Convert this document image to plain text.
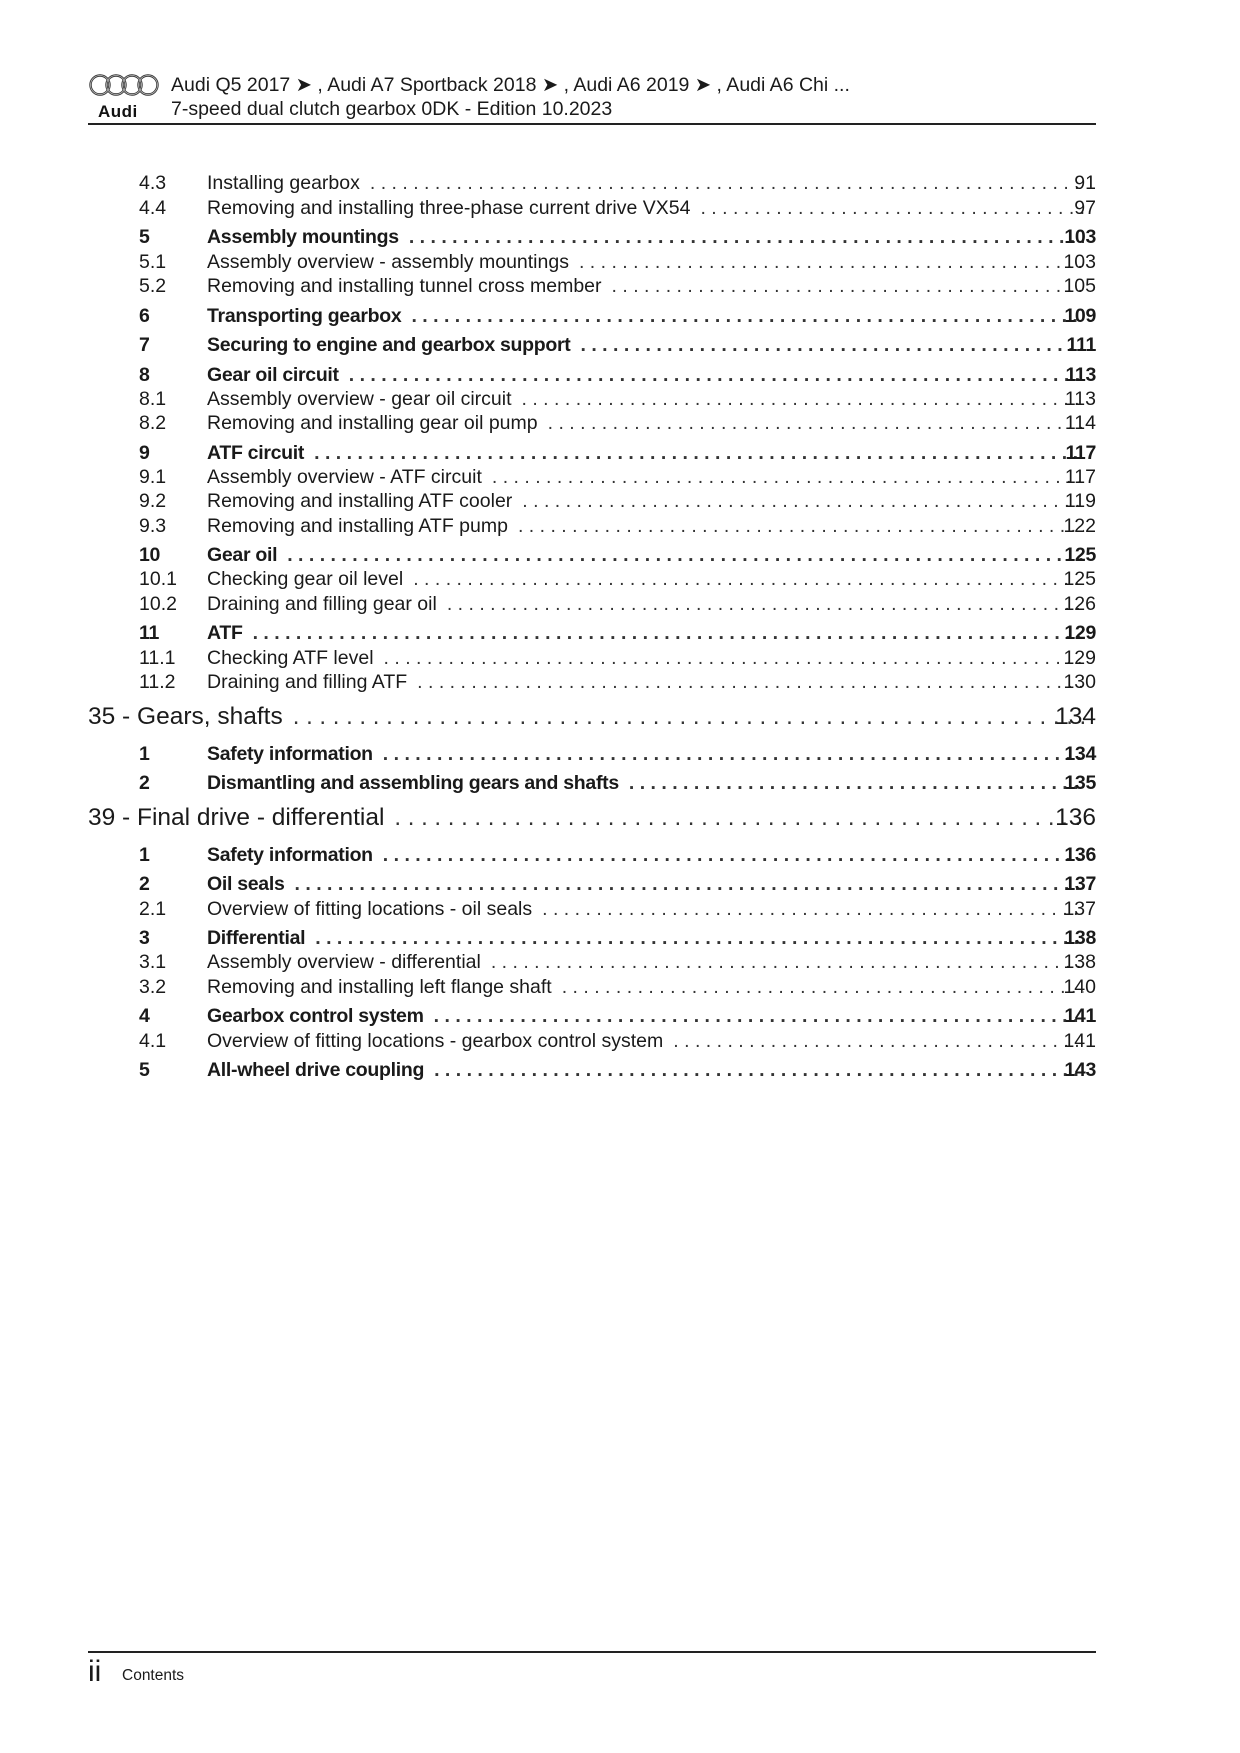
Audi
Audi Q5 2017 ➤ , Audi A7 Sportback 2018 ➤ , Audi A6 2019 ➤ , Audi A6 Chi ...
7-speed dual clutch gearbox 0DK - Edition 10.2023
4.3 Installing gearbox . . .	91
4.4 Removing and installing three-phase current drive VX54 . . .	97
5	Assembly mountings . . .	103
5.1 Assembly overview - assembly mountings . . .	103
5.2 Removing and installing tunnel cross member . . .	105
6	Transporting gearbox . . .	109
7	Securing to engine and gearbox support . . .	111
8	Gear oil circuit . . .	113
8.1 Assembly overview - gear oil circuit . . .	113
8.2 Removing and installing gear oil pump . . .	114
9	ATF circuit . . .	117
9.1 Assembly overview - ATF circuit . . .	117
9.2 Removing and installing ATF cooler . . .	119
9.3 Removing and installing ATF pump . . .	122
10 Gear oil . . .	125
10.1 Checking gear oil level . . .	125
10.2 Draining and filling gear oil . . .	126
11 ATF . . .	129
11.1 Checking ATF level . . .	129
11.2 Draining and filling ATF . . .	130
35 - Gears, shafts . . .	134
1	Safety information . . .	134
2	Dismantling and assembling gears and shafts . . .	135
39 - Final drive - differential . . .	136
1	Safety information . . .	136
2	Oil seals . . .	137
2.1 Overview of fitting locations - oil seals . . .	137
3	Differential . . .	138
3.1 Assembly overview - differential . . .	138
3.2 Removing and installing left flange shaft . . .	140
4	Gearbox control system . . .	141
4.1 Overview of fitting locations - gearbox control system . . .	141
5	All-wheel drive coupling . . .	143
ii Contents
